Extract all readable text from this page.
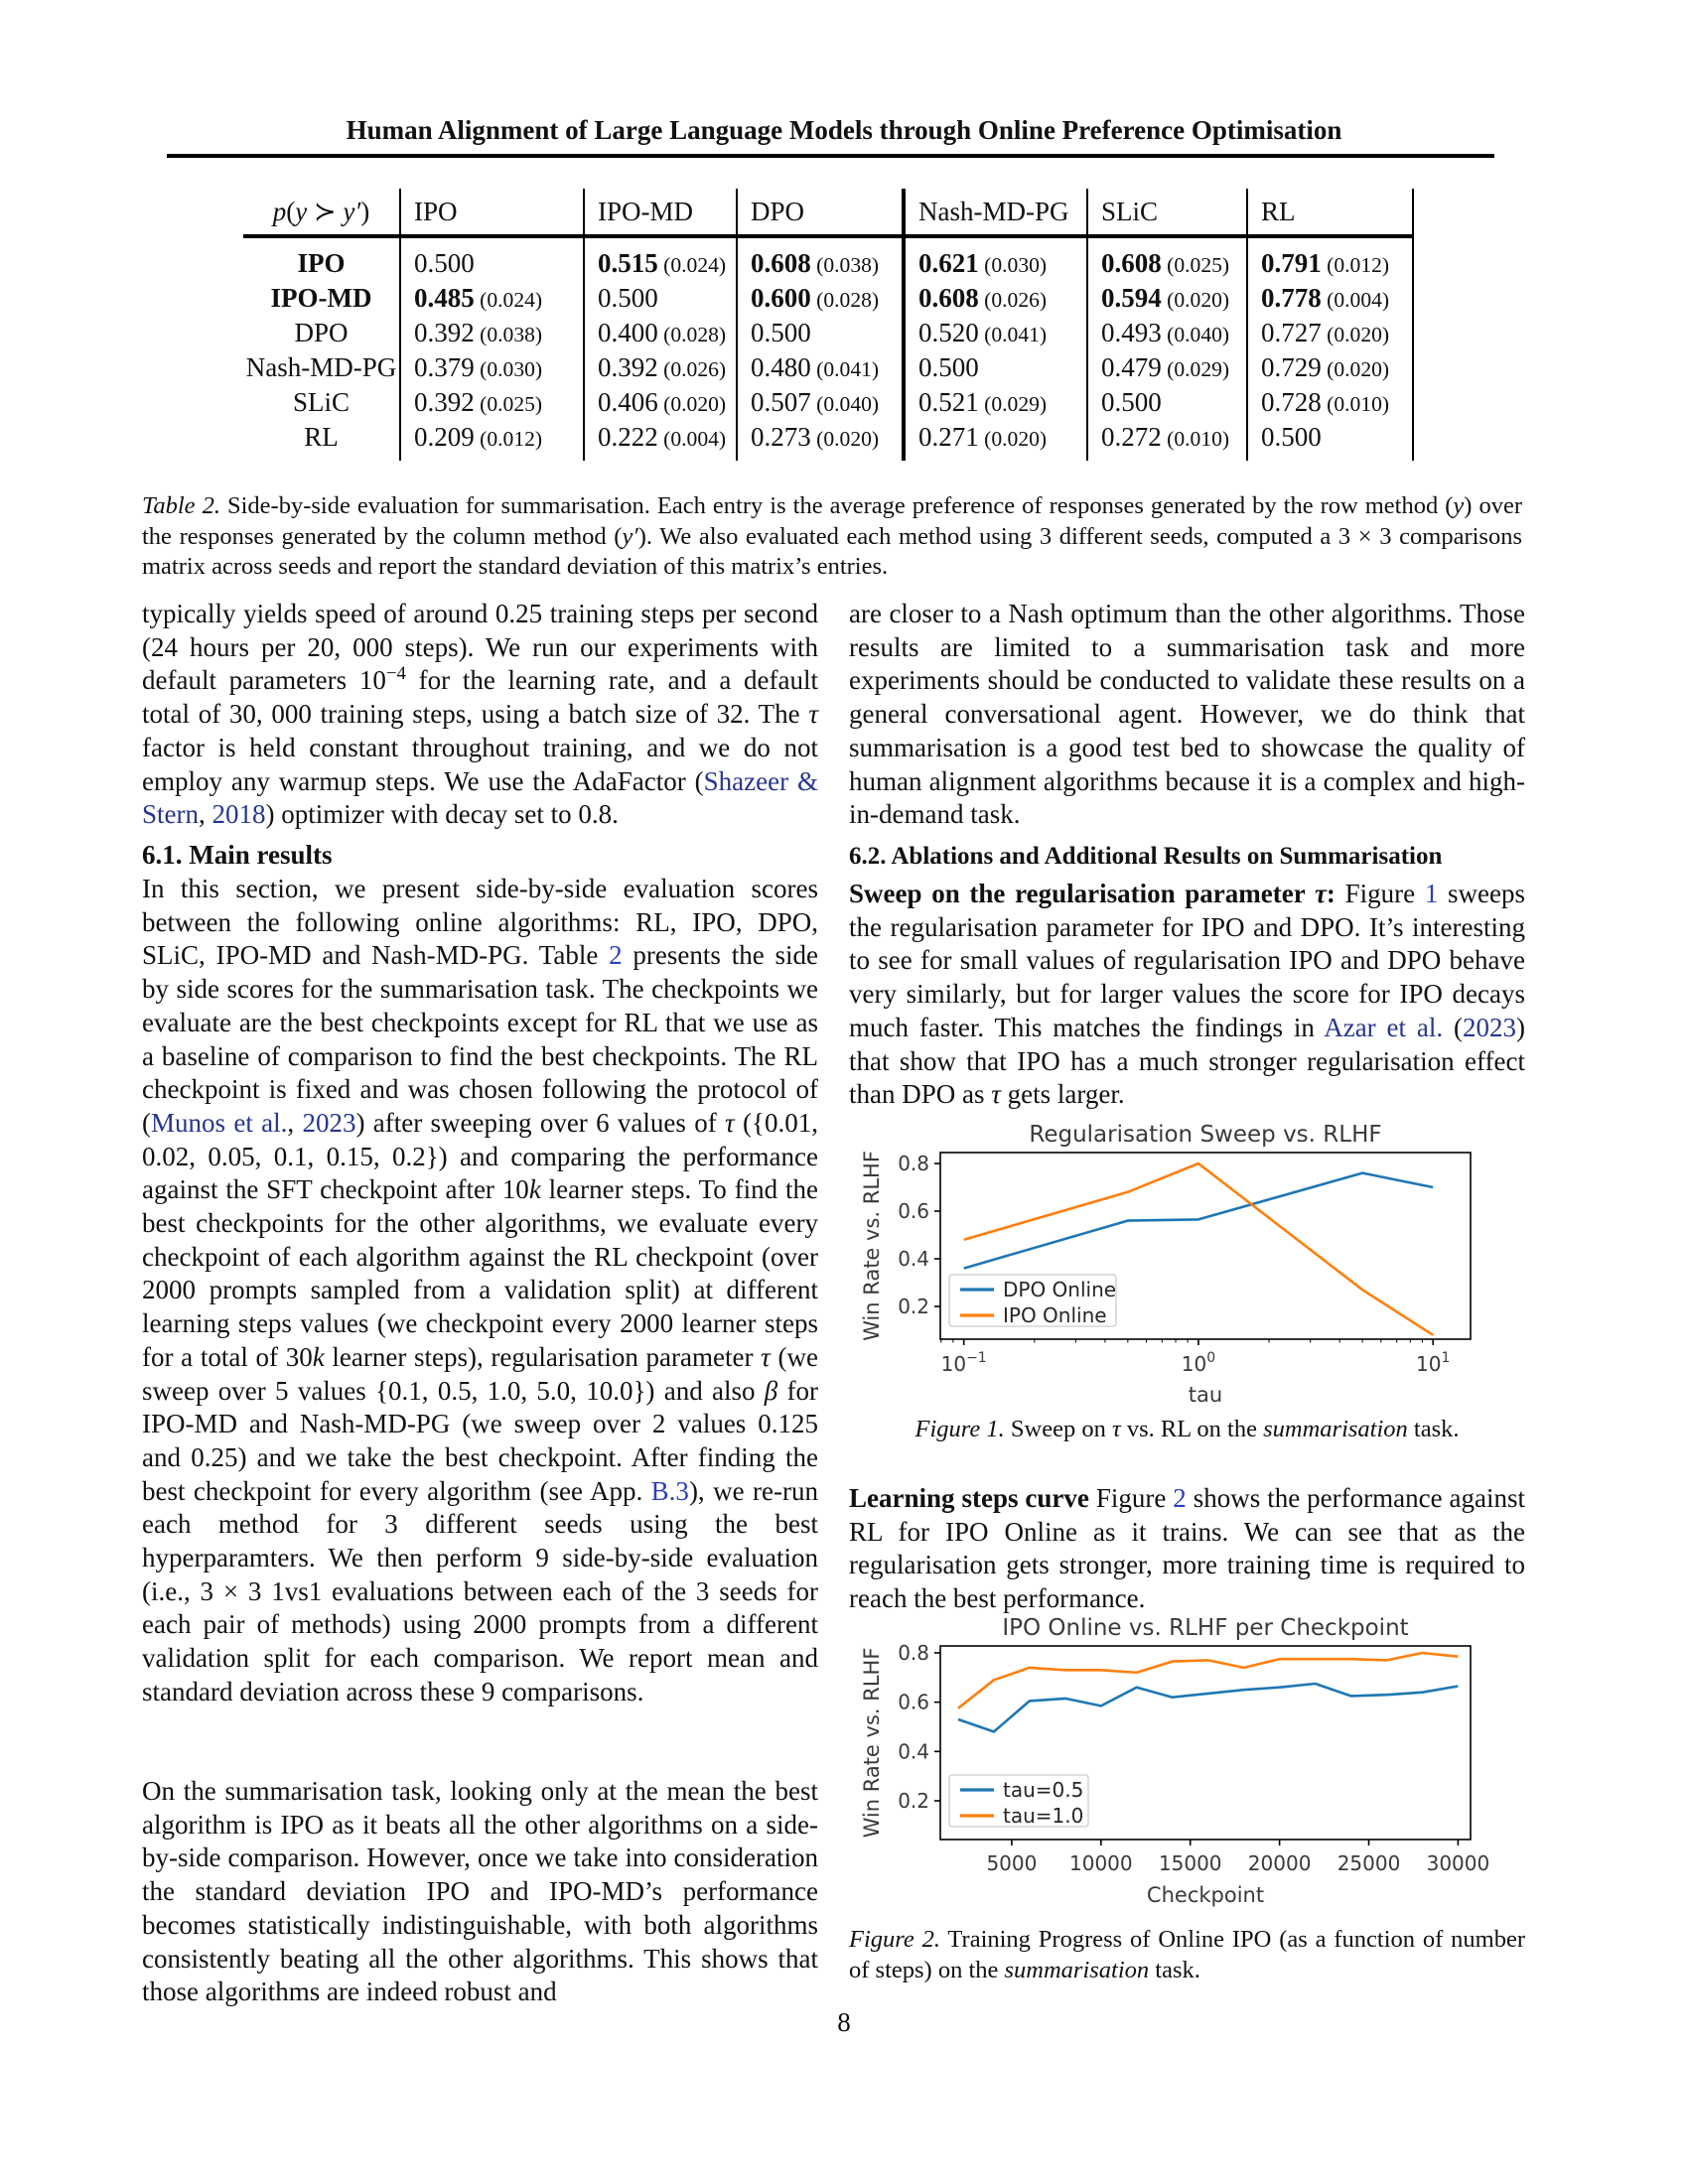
Human Alignment of Large Language Models through Online Preference Optimisation
p(y ≻ y′)	IPO	IPO-MD	DPO	Nash-MD-PG	SLiC	RL
IPO	0.500	0.515 (0.024)	0.608 (0.038)	0.621 (0.030)	0.608 (0.025)	0.791 (0.012)
IPO-MD	0.485 (0.024)	0.500	0.600 (0.028)	0.608 (0.026)	0.594 (0.020)	0.778 (0.004)
DPO	0.392 (0.038)	0.400 (0.028)	0.500	0.520 (0.041)	0.493 (0.040)	0.727 (0.020)
Nash-MD-PG	0.379 (0.030)	0.392 (0.026)	0.480 (0.041)	0.500	0.479 (0.029)	0.729 (0.020)
SLiC	0.392 (0.025)	0.406 (0.020)	0.507 (0.040)	0.521 (0.029)	0.500	0.728 (0.010)
RL	0.209 (0.012)	0.222 (0.004)	0.273 (0.020)	0.271 (0.020)	0.272 (0.010)	0.500
Table 2. Side-by-side evaluation for summarisation. Each entry is the average preference of responses generated by the row method (y) over the responses generated by the column method (y′). We also evaluated each method using 3 different seeds, computed a 3 × 3 comparisons matrix across seeds and report the standard deviation of this matrix’s entries.

typically yields speed of around 0.25 training steps per second (24 hours per 20, 000 steps). We run our experiments with default parameters $10^{-4}$ for the learning rate, and a default total of 30, 000 training steps, using a batch size of 32. The τ factor is held constant throughout training, and we do not employ any warmup steps. We use the AdaFactor (Shazeer & Stern, 2018) optimizer with decay set to 0.8.

6.1. Main results

In this section, we present side-by-side evaluation scores between the following online algorithms: RL, IPO, DPO, SLiC, IPO-MD and Nash-MD-PG. Table 2 presents the side by side scores for the summarisation task. The checkpoints we evaluate are the best checkpoints except for RL that we use as a baseline of comparison to find the best checkpoints. The RL checkpoint is fixed and was chosen following the protocol of (Munos et al., 2023) after sweeping over 6 values of τ ({0.01, 0.02, 0.05, 0.1, 0.15, 0.2}) and comparing the performance against the SFT checkpoint after 10k learner steps. To find the best checkpoints for the other algorithms, we evaluate every checkpoint of each algorithm against the RL checkpoint (over 2000 prompts sampled from a validation split) at different learning steps values (we checkpoint every 2000 learner steps for a total of 30k learner steps), regularisation parameter τ (we sweep over 5 values {0.1, 0.5, 1.0, 5.0, 10.0}) and also β for IPO-MD and Nash-MD-PG (we sweep over 2 values 0.125 and 0.25) and we take the best checkpoint. After finding the best checkpoint for every algorithm (see App. B.3), we re-run each method for 3 different seeds using the best hyperparamters. We then perform 9 side-by-side evaluation (i.e., 3 × 3 1vs1 evaluations between each of the 3 seeds for each pair of methods) using 2000 prompts from a different validation split for each comparison. We report mean and standard deviation across these 9 comparisons.

On the summarisation task, looking only at the mean the best algorithm is IPO as it beats all the other algorithms on a side-by-side comparison. However, once we take into consideration the standard deviation IPO and IPO-MD’s performance becomes statistically indistinguishable, with both algorithms consistently beating all the other algorithms. This shows that those algorithms are indeed robust and

are closer to a Nash optimum than the other algorithms. Those results are limited to a summarisation task and more experiments should be conducted to validate these results on a general conversational agent. However, we do think that summarisation is a good test bed to showcase the quality of human alignment algorithms because it is a complex and high-in-demand task.

6.2. Ablations and Additional Results on Summarisation

Sweep on the regularisation parameter τ: Figure 1 sweeps the regularisation parameter for IPO and DPO. It’s interesting to see for small values of regularisation IPO and DPO behave very similarly, but for larger values the score for IPO decays much faster. This matches the findings in Azar et al. (2023) that show that IPO has a much stronger regularisation effect than DPO as τ gets larger.

Regularisation Sweep vs. RLHF
0.2
0.4
0.6
0.8
$10^{-1}$	$10^0$	$10^1$
tau
Win Rate vs. RLHF	DPO Online
IPO Online
Figure 1. Sweep on τ vs. RL on the summarisation task.

Learning steps curve Figure 2 shows the performance against RL for IPO Online as it trains. We can see that as the regularisation gets stronger, more training time is required to reach the best performance.

IPO Online vs. RLHF per Checkpoint
0.2
0.4
0.6
0.8
5000 10000 15000 20000 25000 30000
Checkpoint
Win Rate vs. RLHF	tau=0.5
tau=1.0
Figure 2. Training Progress of Online IPO (as a function of number of steps) on the summarisation task.
8
